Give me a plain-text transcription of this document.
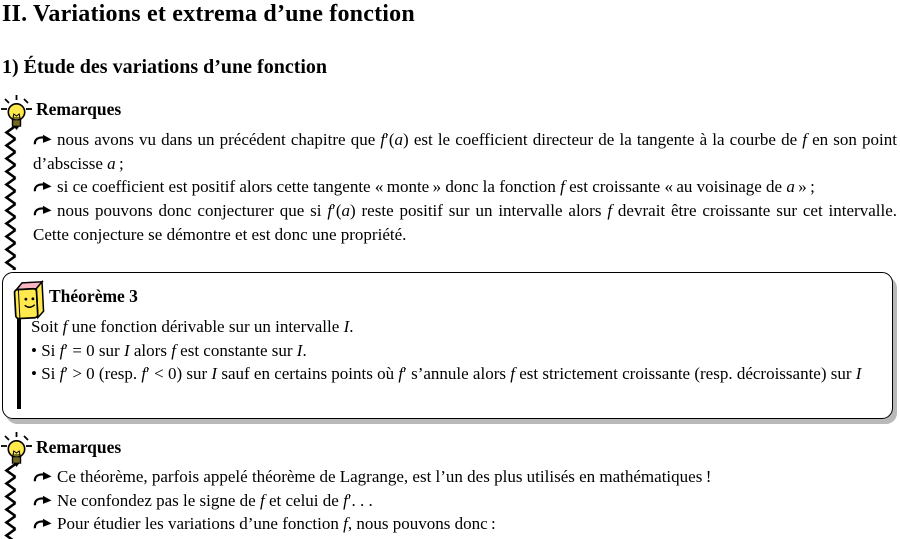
II. Variations et extrema d’une fonction
1) Étude des variations d’une fonction
Remarques

nous avons vu dans un précédent chapitre que f′(a) est le coefficient directeur de la tangente à la courbe de f en son point d’abscisse a ;

si ce coefficient est positif alors cette tangente « monte » donc la fonction f est croissante « au voisinage de a » ;

nous pouvons donc conjecturer que si f′(a) reste positif sur un intervalle alors f devrait être croissante sur cet intervalle. Cette conjecture se démontre et est donc une propriété.

Théorème 3

Soit f une fonction dérivable sur un intervalle I.

• Si f′ = 0 sur I alors f est constante sur I.

• Si f′ > 0 (resp. f′ < 0) sur I sauf en certains points où f′ s’annule alors f est strictement croissante (resp. décroissante) sur I

Remarques

Ce théorème, parfois appelé théorème de Lagrange, est l’un des plus utilisés en mathématiques !

Ne confondez pas le signe de f et celui de f′. . .

Pour étudier les variations d’une fonction f, nous pouvons donc :
